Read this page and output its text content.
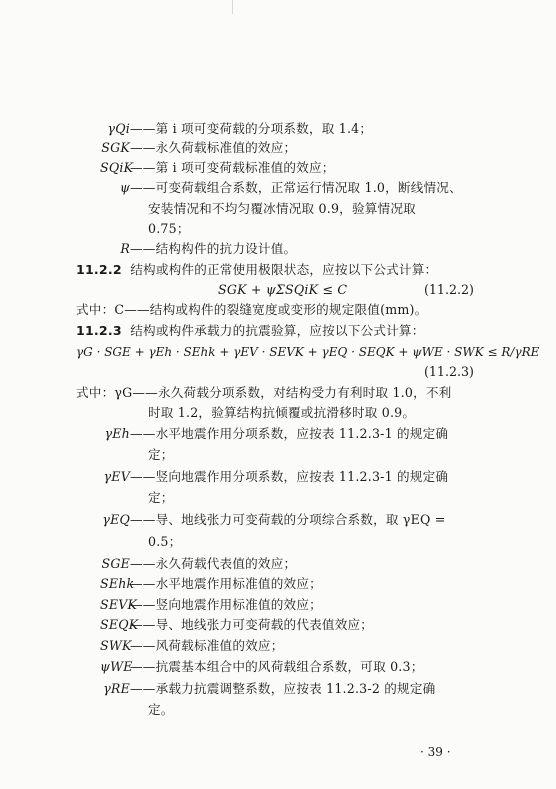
γQi——第 i 项可变荷载的分项系数，取 1.4；
SGK——永久荷载标准值的效应；
SQiK——第 i 项可变荷载标准值的效应；
ψ——可变荷载组合系数，正常运行情况取 1.0，断线情况、
安装情况和不均匀覆冰情况取 0.9，验算情况取
0.75；
R——结构构件的抗力设计值。
11.2.2 结构或构件的正常使用极限状态，应按以下公式计算：
SGK + ψΣSQiK ≤ C	(11.2.2)
式中：C——结构或构件的裂缝宽度或变形的规定限值(mm)。
11.2.3 结构或构件承载力的抗震验算，应按以下公式计算：
γG · SGE + γEh · SEhk + γEV · SEVK + γEQ · SEQK + ψWE · SWK ≤ R/γRE
(11.2.3)
式中：γG——永久荷载分项系数，对结构受力有利时取 1.0，不利
时取 1.2，验算结构抗倾覆或抗滑移时取 0.9。
γEh——水平地震作用分项系数，应按表 11.2.3-1 的规定确
定；
γEV——竖向地震作用分项系数，应按表 11.2.3-1 的规定确
定；
γEQ——导、地线张力可变荷载的分项综合系数，取 γEQ =
0.5；
SGE——永久荷载代表值的效应；
SEhk——水平地震作用标准值的效应；
SEVK——竖向地震作用标准值的效应；
SEQK——导、地线张力可变荷载的代表值效应；
SWK——风荷载标准值的效应；
ψWE——抗震基本组合中的风荷载组合系数，可取 0.3；
γRE——承载力抗震调整系数，应按表 11.2.3-2 的规定确
定。
· 39 ·
